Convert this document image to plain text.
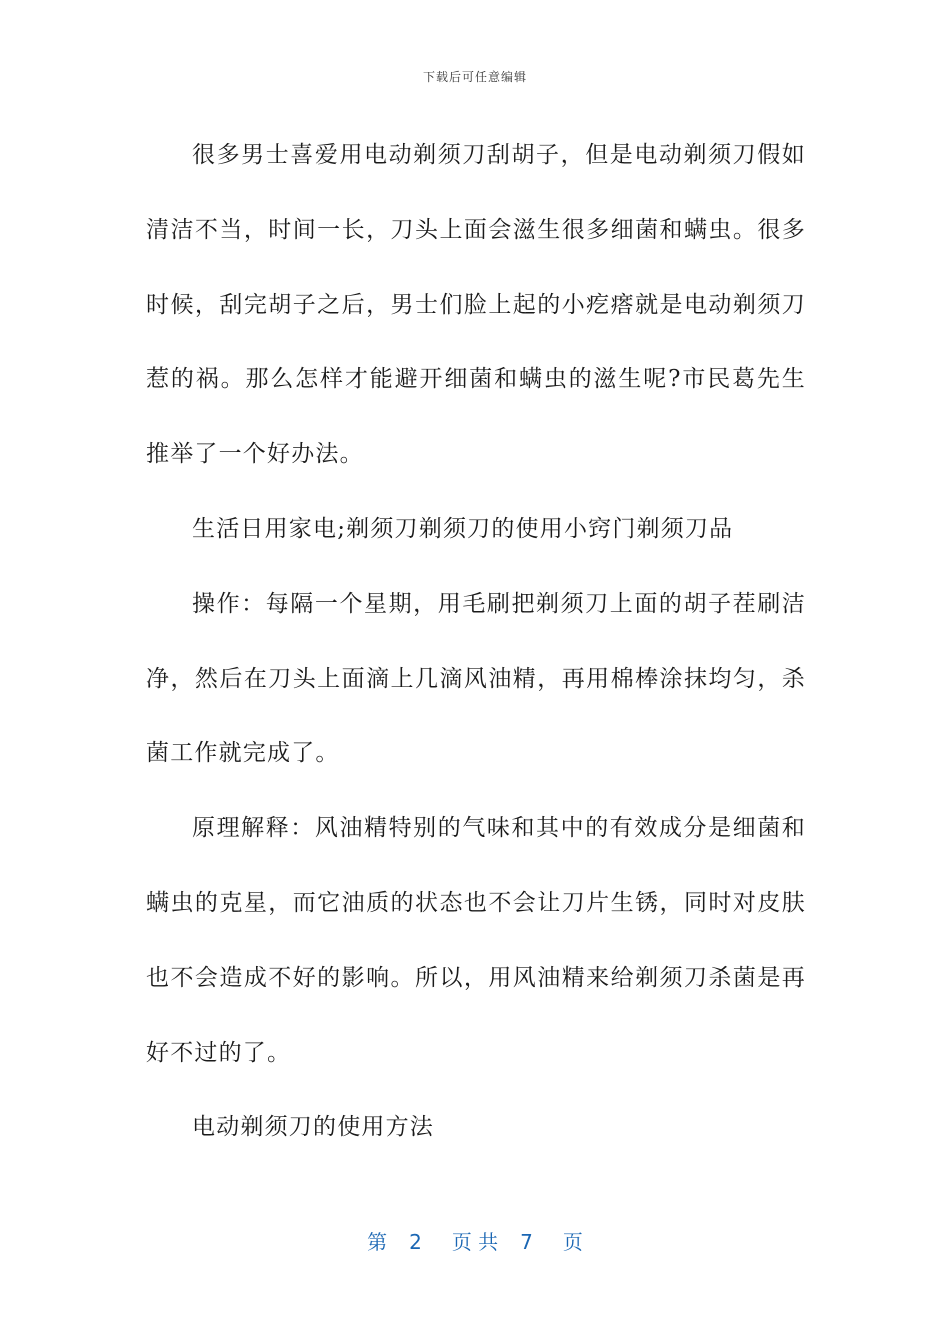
下载后可任意编辑

很多男士喜爱用电动剃须刀刮胡子，但是电动剃须刀假如清洁不当，时间一长，刀头上面会滋生很多细菌和螨虫。很多时候，刮完胡子之后，男士们脸上起的小疙瘩就是电动剃须刀惹的祸。那么怎样才能避开细菌和螨虫的滋生呢?市民葛先生推举了一个好办法。

生活日用家电;剃须刀剃须刀的使用小窍门剃须刀品

操作：每隔一个星期，用毛刷把剃须刀上面的胡子茬刷洁净，然后在刀头上面滴上几滴风油精，再用棉棒涂抹均匀，杀菌工作就完成了。

原理解释：风油精特别的气味和其中的有效成分是细菌和螨虫的克星，而它油质的状态也不会让刀片生锈，同时对皮肤也不会造成不好的影响。所以，用风油精来给剃须刀杀菌是再好不过的了。

电动剃须刀的使用方法

第 2 页 共 7 页
